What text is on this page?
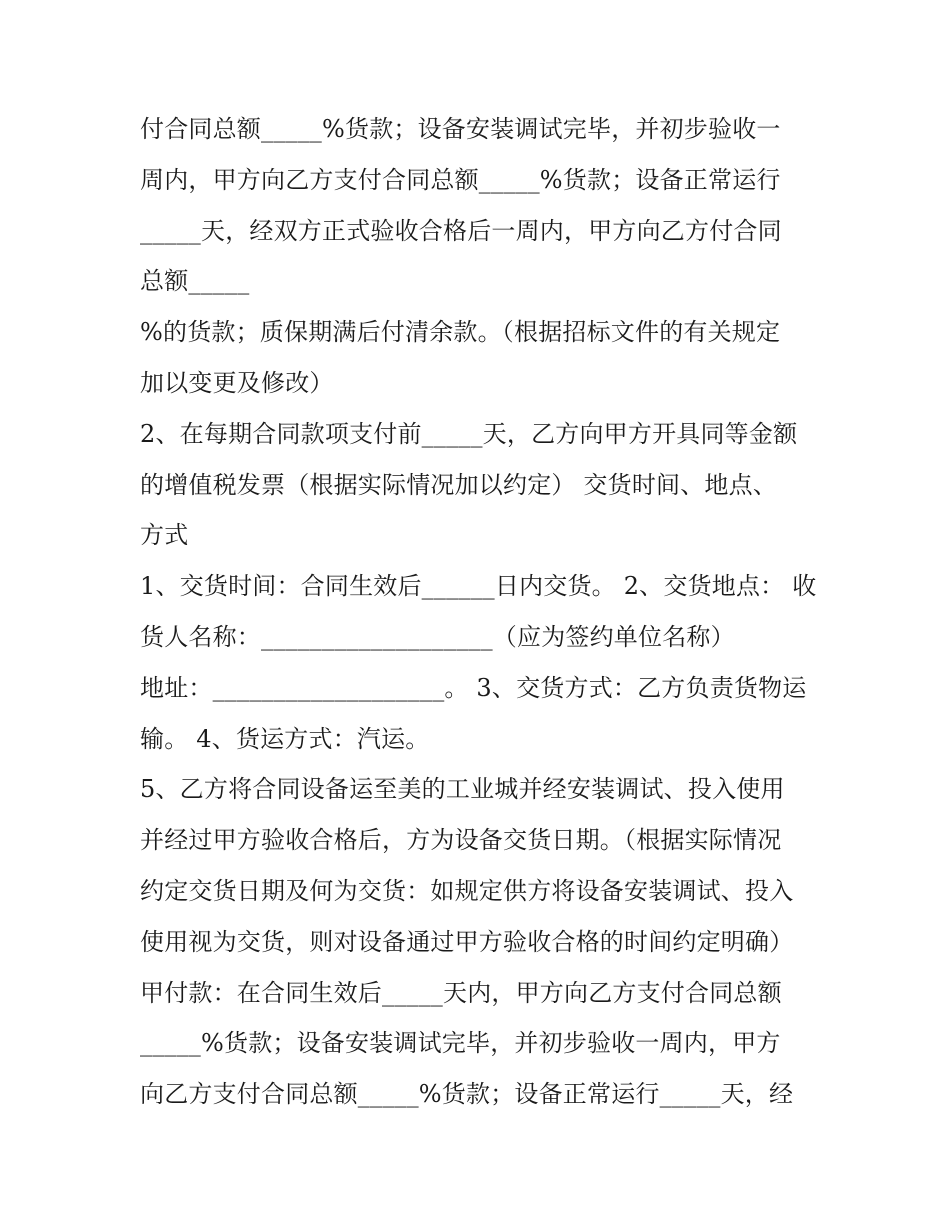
付合同总额_____%货款；设备安装调试完毕，并初步验收一
周内，甲方向乙方支付合同总额_____%货款；设备正常运行
_____天，经双方正式验收合格后一周内，甲方向乙方付合同
总额_____
%的货款；质保期满后付清余款。（根据招标文件的有关规定
加以变更及修改）
2、在每期合同款项支付前_____天，乙方向甲方开具同等金额
的增值税发票（根据实际情况加以约定） 交货时间、地点、
方式
1、交货时间：合同生效后______日内交货。 2、交货地点： 收
货人名称：___________________（应为签约单位名称）
地址：___________________。 3、交货方式：乙方负责货物运
输。 4、货运方式：汽运。
5、乙方将合同设备运至美的工业城并经安装调试、投入使用
并经过甲方验收合格后，方为设备交货日期。（根据实际情况
约定交货日期及何为交货：如规定供方将设备安装调试、投入
使用视为交货，则对设备通过甲方验收合格的时间约定明确）
甲付款：在合同生效后_____天内，甲方向乙方支付合同总额
_____%货款；设备安装调试完毕，并初步验收一周内，甲方
向乙方支付合同总额_____%货款；设备正常运行_____天，经
